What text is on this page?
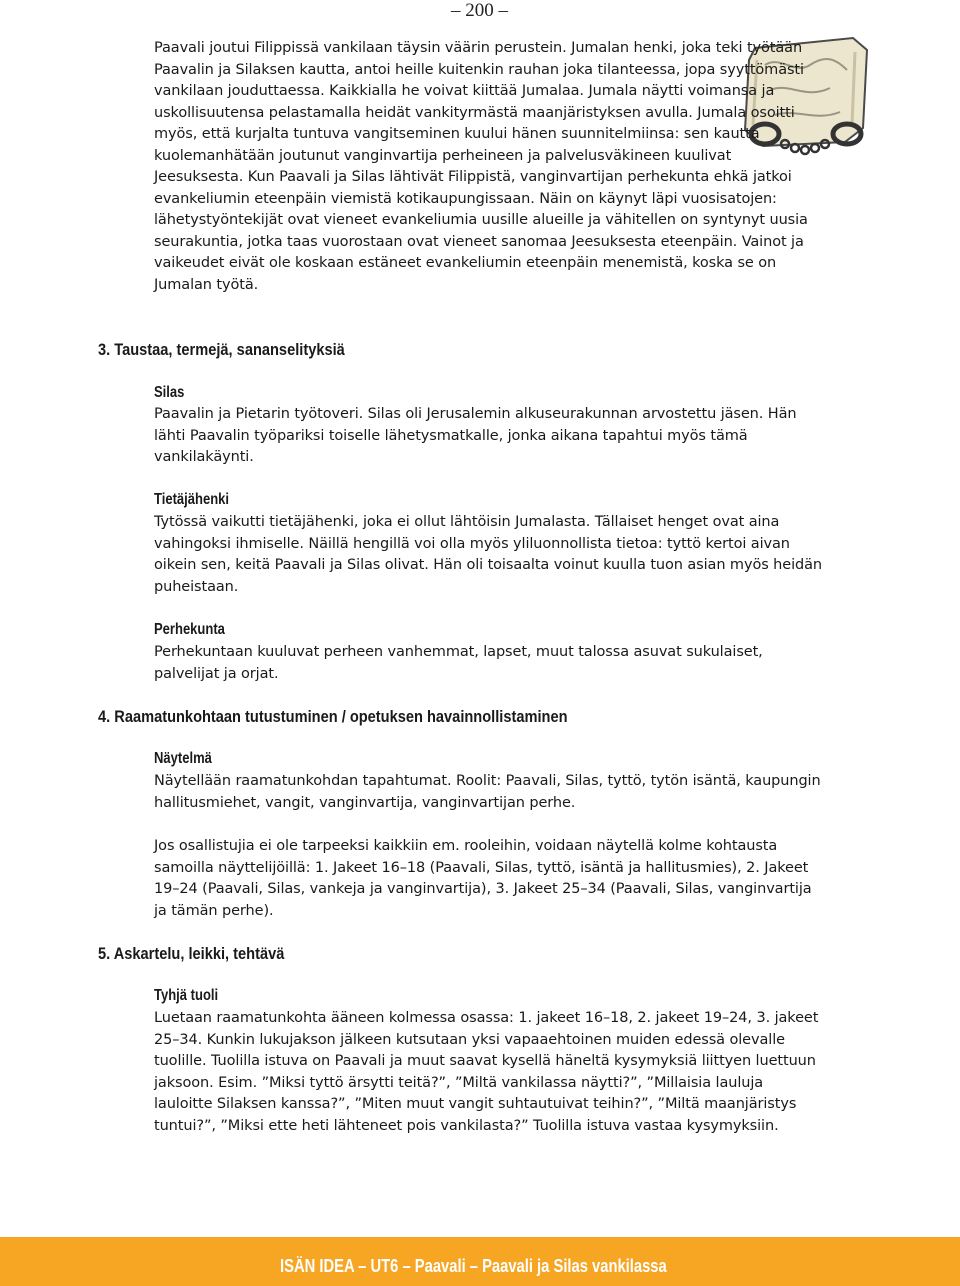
– 200 –
Paavali joutui Filippissä vankilaan täysin väärin perustein. Jumalan henki, joka teki työtään Paavalin ja Silaksen kautta, antoi heille kuitenkin rauhan joka tilanteessa, jopa syyttömästi vankilaan jouduttaessa. Kaikkialla he voivat kiittää Jumalaa. Jumala näytti voimansa ja uskollisuutensa pelastamalla heidät vankityrmästä maanjäristyksen avulla. Jumala osoitti myös, että kurjalta tuntuva vangitseminen kuului hänen suunnitelmiinsa: sen kautta kuolemanhätään joutunut vanginvartija perheineen ja palvelusväkineen kuulivat Jeesuksesta. Kun Paavali ja Silas lähtivät Filippistä, vanginvartijan perhekunta ehkä jatkoi evankeliumin eteenpäin viemistä kotikaupungissaan. Näin on käynyt läpi vuosisatojen: lähetystyöntekijät ovat vieneet evankeliumia uusille alueille ja vähitellen on syntynyt uusia seurakuntia, jotka taas vuorostaan ovat vieneet sanomaa Jeesuksesta eteenpäin. Vainot ja vaikeudet eivät ole koskaan estäneet evankeliumin eteenpäin menemistä, koska se on Jumalan työtä.
3. Taustaa, termejä, sananselityksiä
Silas
Paavalin ja Pietarin työtoveri. Silas oli Jerusalemin alkuseurakunnan arvostettu jäsen. Hän lähti Paavalin työpariksi toiselle lähetysmatkalle, jonka aikana tapahtui myös tämä vankilakäynti.
Tietäjähenki
Tytössä vaikutti tietäjähenki, joka ei ollut lähtöisin Jumalasta. Tällaiset henget ovat aina vahingoksi ihmiselle. Näillä hengillä voi olla myös yliluonnollista tietoa: tyttö kertoi aivan oikein sen, keitä Paavali ja Silas olivat. Hän oli toisaalta voinut kuulla tuon asian myös heidän puheistaan.
Perhekunta
Perhekuntaan kuuluvat perheen vanhemmat, lapset, muut talossa asuvat sukulaiset, palvelijat ja orjat.
4. Raamatunkohtaan tutustuminen / opetuksen havainnollistaminen
Näytelmä
Näytellään raamatunkohdan tapahtumat. Roolit: Paavali, Silas, tyttö, tytön isäntä, kaupungin hallitusmiehet, vangit, vanginvartija, vanginvartijan perhe.
Jos osallistujia ei ole tarpeeksi kaikkiin em. rooleihin, voidaan näytellä kolme kohtausta samoilla näyttelijöillä: 1. Jakeet 16–18 (Paavali, Silas, tyttö, isäntä ja hallitusmies), 2. Jakeet 19–24 (Paavali, Silas, vankeja ja vanginvartija), 3. Jakeet 25–34 (Paavali, Silas, vanginvartija ja tämän perhe).
5. Askartelu, leikki, tehtävä
Tyhjä tuoli
Luetaan raamatunkohta ääneen kolmessa osassa: 1. jakeet 16–18, 2. jakeet 19–24, 3. jakeet 25–34. Kunkin lukujakson jälkeen kutsutaan yksi vapaaehtoinen muiden edessä olevalle tuolille. Tuolilla istuva on Paavali ja muut saavat kysellä häneltä kysymyksiä liittyen luettuun jaksoon. Esim. ”Miksi tyttö ärsytti teitä?”, ”Miltä vankilassa näytti?”, ”Millaisia lauluja lauloitte Silaksen kanssa?”, ”Miten muut vangit suhtautuivat teihin?”, ”Miltä maanjäristys tuntui?”, ”Miksi ette heti lähteneet pois vankilasta?” Tuolilla istuva vastaa kysymyksiin.
ISÄN IDEA – UT6 – Paavali – Paavali ja Silas vankilassa
